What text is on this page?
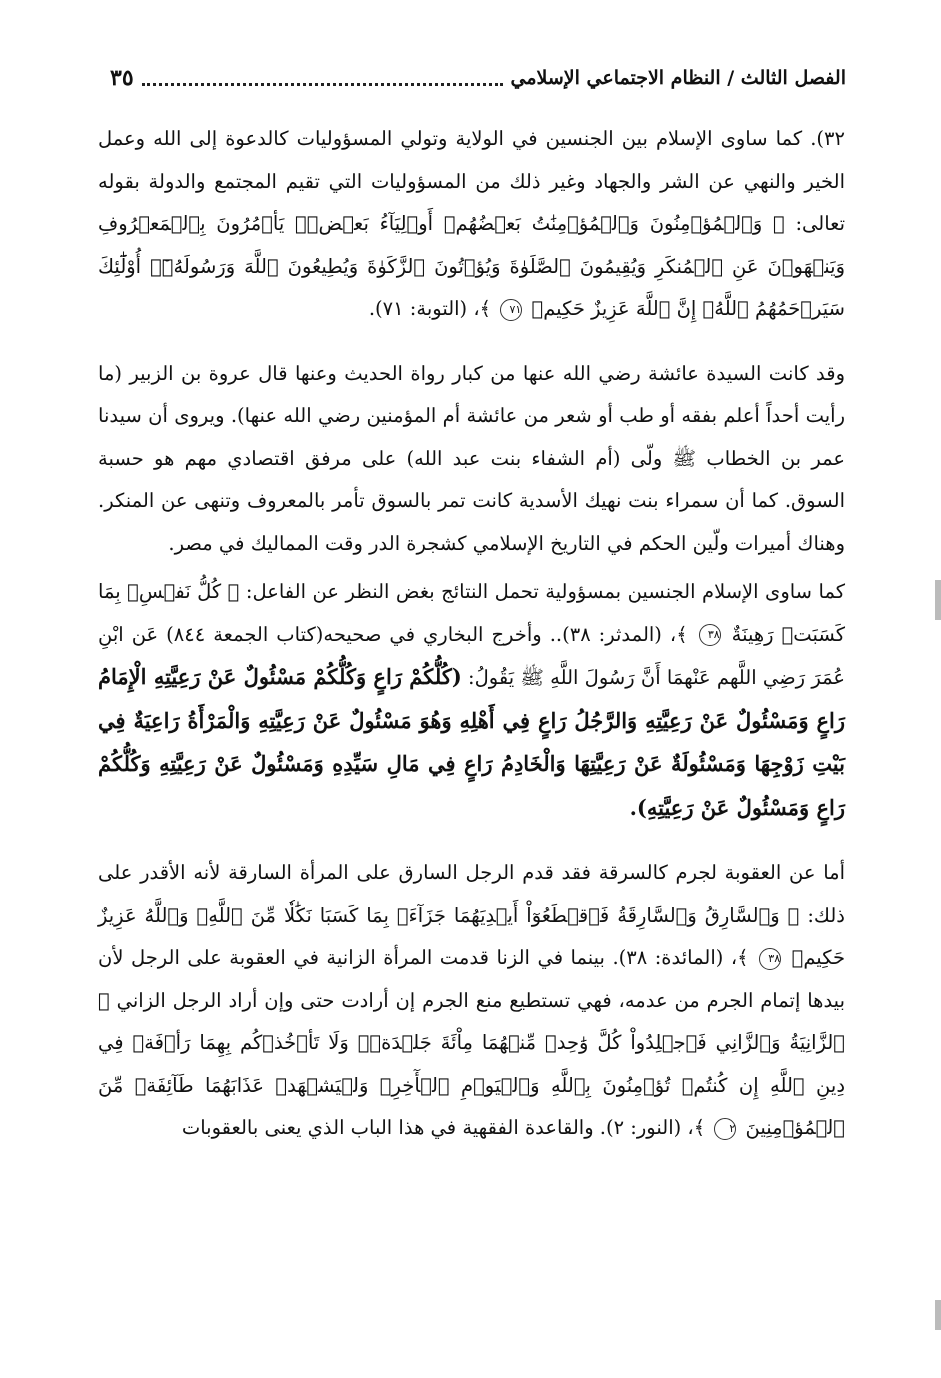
الفصل الثالث / النظام الاجتماعي الإسلامي
٣٥

٣٢). كما ساوى الإسلام بين الجنسين في الولاية وتولي المسؤوليات كالدعوة إلى الله وعمل الخير والنهي عن الشر والجهاد وغير ذلك من المسؤوليات التي تقيم المجتمع والدولة بقوله تعالى: ﴿ وَٱلۡمُؤۡمِنُونَ وَٱلۡمُؤۡمِنَٰتُ بَعۡضُهُمۡ أَوۡلِيَآءُ بَعۡضٖۚ يَأۡمُرُونَ بِٱلۡمَعۡرُوفِ وَيَنۡهَوۡنَ عَنِ ٱلۡمُنكَرِ وَيُقِيمُونَ ٱلصَّلَوٰةَ وَيُؤۡتُونَ ٱلزَّكَوٰةَ وَيُطِيعُونَ ٱللَّهَ وَرَسُولَهُۥٓۚ أُوْلَٰٓئِكَ سَيَرۡحَمُهُمُ ٱللَّهُۗ إِنَّ ٱللَّهَ عَزِيزٌ حَكِيمٞ ٧١ ﴾، (التوبة: ٧١).

وقد كانت السيدة عائشة رضي الله عنها من كبار رواة الحديث وعنها قال عروة بن الزبير (ما رأيت أحداً أعلم بفقه أو طب أو شعر من عائشة أم المؤمنين رضي الله عنها). ويروى أن سيدنا عمر بن الخطاب ﷺ ولّى (أم الشفاء بنت عبد الله) على مرفق اقتصادي مهم هو حسبة السوق. كما أن سمراء بنت نهيك الأسدية كانت تمر بالسوق تأمر بالمعروف وتنهى عن المنكر. وهناك أميرات ولّين الحكم في التاريخ الإسلامي كشجرة الدر وقت المماليك في مصر.

كما ساوى الإسلام الجنسين بمسؤولية تحمل النتائج بغض النظر عن الفاعل: ﴿ كُلُّ نَفۡسِۭ بِمَا كَسَبَتۡ رَهِينَةٌ ٣٨ ﴾، (المدثر: ٣٨).. وأخرج البخاري في صحيحه(كتاب الجمعة ٨٤٤) عَن ابْنِ عُمَرَ رَضِي اللَّهم عَنْهمَا أَنَّ رَسُولَ اللَّهِ ﷺ يَقُولُ: (كُلُّكُمْ رَاعٍ وَكُلُّكُمْ مَسْئُولٌ عَنْ رَعِيَّتِهِ الْإِمَامُ رَاعٍ وَمَسْئُولٌ عَنْ رَعِيَّتِهِ وَالرَّجُلُ رَاعٍ فِي أَهْلِهِ وَهُوَ مَسْئُولٌ عَنْ رَعِيَّتِهِ وَالْمَرْأَةُ رَاعِيَةٌ فِي بَيْتِ زَوْجِهَا وَمَسْئُولَةٌ عَنْ رَعِيَّتِهَا وَالْخَادِمُ رَاعٍ فِي مَالِ سَيِّدِهِ وَمَسْئُولٌ عَنْ رَعِيَّتِهِ وَكُلُّكُمْ رَاعٍ وَمَسْئُولٌ عَنْ رَعِيَّتِهِ).

أما عن العقوبة لجرم كالسرقة فقد قدم الرجل السارق على المرأة السارقة لأنه الأقدر على ذلك: ﴿ وَٱلسَّارِقُ وَٱلسَّارِقَةُ فَٱقۡطَعُوٓاْ أَيۡدِيَهُمَا جَزَآءَۢ بِمَا كَسَبَا نَكَٰلٗا مِّنَ ٱللَّهِۗ وَٱللَّهُ عَزِيزٌ حَكِيمٞ ٣٨ ﴾، (المائدة: ٣٨). بينما في الزنا قدمت المرأة الزانية في العقوبة على الرجل لأن بيدها إتمام الجرم من عدمه، فهي تستطيع منع الجرم إن أرادت حتى وإن أراد الرجل الزاني ﴿ ٱلزَّانِيَةُ وَٱلزَّانِي فَٱجۡلِدُواْ كُلَّ وَٰحِدٖ مِّنۡهُمَا مِاْئَةَ جَلۡدَةٖۖ وَلَا تَأۡخُذۡكُم بِهِمَا رَأۡفَةٞ فِي دِينِ ٱللَّهِ إِن كُنتُمۡ تُؤۡمِنُونَ بِٱللَّهِ وَٱلۡيَوۡمِ ٱلۡأٓخِرِۖ وَلۡيَشۡهَدۡ عَذَابَهُمَا طَآئِفَةٞ مِّنَ ٱلۡمُؤۡمِنِينَ ٢ ﴾، (النور: ٢). والقاعدة الفقهية في هذا الباب الذي يعنى بالعقوبات
